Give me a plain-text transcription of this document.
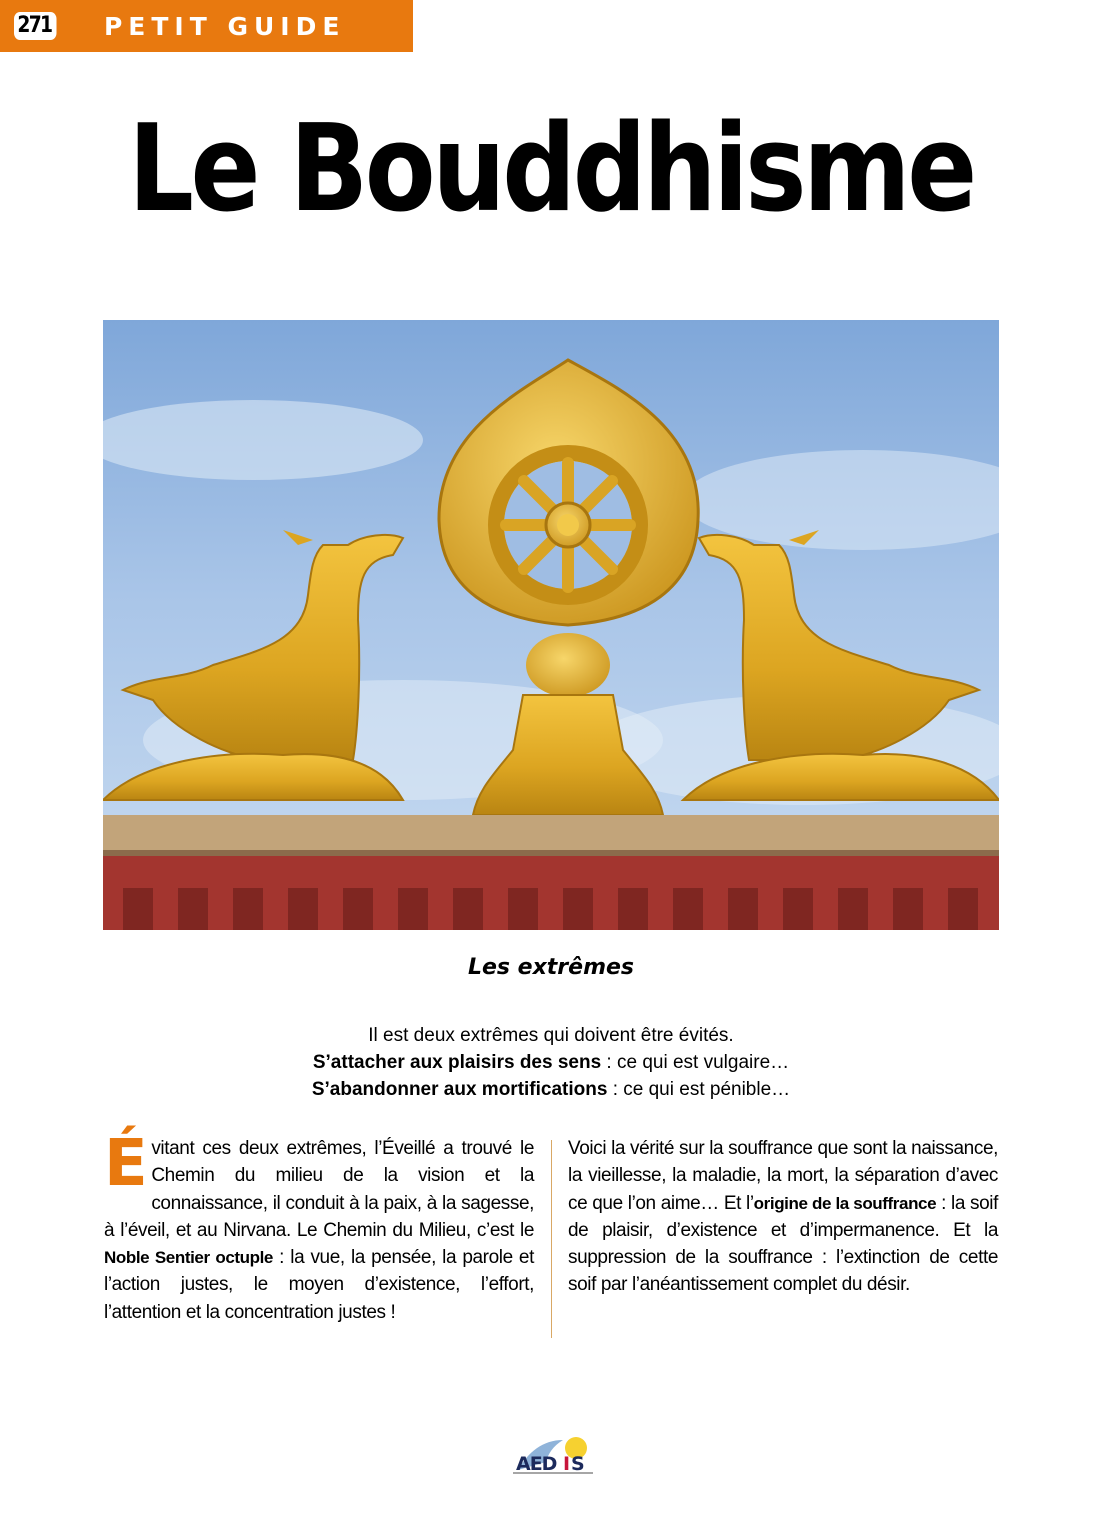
271 PETIT GUIDE
Le Bouddhisme
Les extrêmes
Il est deux extrêmes qui doivent être évités.
S’attacher aux plaisirs des sens : ce qui est vulgaire…
S’abandonner aux mortifications : ce qui est pénible…
Évitant ces deux extrêmes, l’Éveillé a trouvé le Chemin du milieu de la vision et la connaissance, il conduit à la paix, à la sagesse, à l’éveil, et au Nirvana. Le Chemin du Milieu, c’est le Noble Sentier octuple : la vue, la pensée, la parole et l’action justes, le moyen d’existence, l’effort, l’attention et la concentration justes !
Voici la vérité sur la souffrance que sont la naissance, la vieillesse, la maladie, la mort, la séparation d’avec ce que l’on aime… Et l’origine de la souffrance : la soif de plaisir, d’existence et d’impermanence. Et la suppression de la souffrance : l’extinction de cette soif par l’anéantissement complet du désir.
AED I S
